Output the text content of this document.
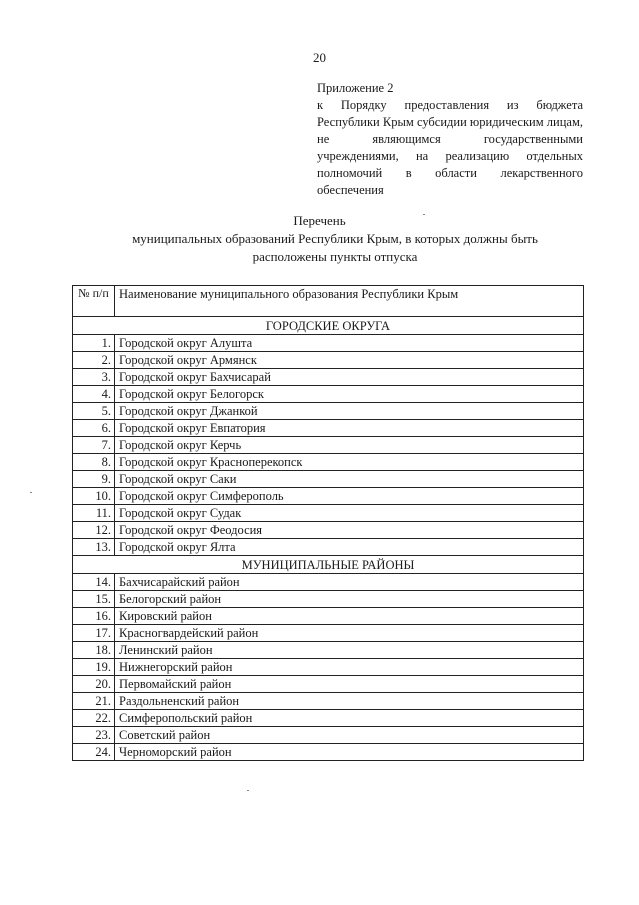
20
Приложение 2
к Порядку предоставления из бюджета Республики Крым субсидии юридическим лицам, не являющимся государственными учреждениями, на реализацию отдельных полномочий в области лекарственного обеспечения
Перечень
муниципальных образований Республики Крым, в которых должны быть расположены пункты отпуска
№ п/п	Наименование муниципального образования Республики Крым
ГОРОДСКИЕ ОКРУГА	
1.	Городской округ Алушта
2.	Городской округ Армянск
3.	Городской округ Бахчисарай
4.	Городской округ Белогорск
5.	Городской округ Джанкой
6.	Городской округ Евпатория
7.	Городской округ Керчь
8.	Городской округ Красноперекопск
9.	Городской округ Саки
10.	Городской округ Симферополь
11.	Городской округ Судак
12.	Городской округ Феодосия
13.	Городской округ Ялта
МУНИЦИПАЛЬНЫЕ РАЙОНЫ	
14.	Бахчисарайский район
15.	Белогорский район
16.	Кировский район
17.	Красногвардейский район
18.	Ленинский район
19.	Нижнегорский район
20.	Первомайский район
21.	Раздольненский район
22.	Симферопольский район
23.	Советский район
24.	Черноморский район
